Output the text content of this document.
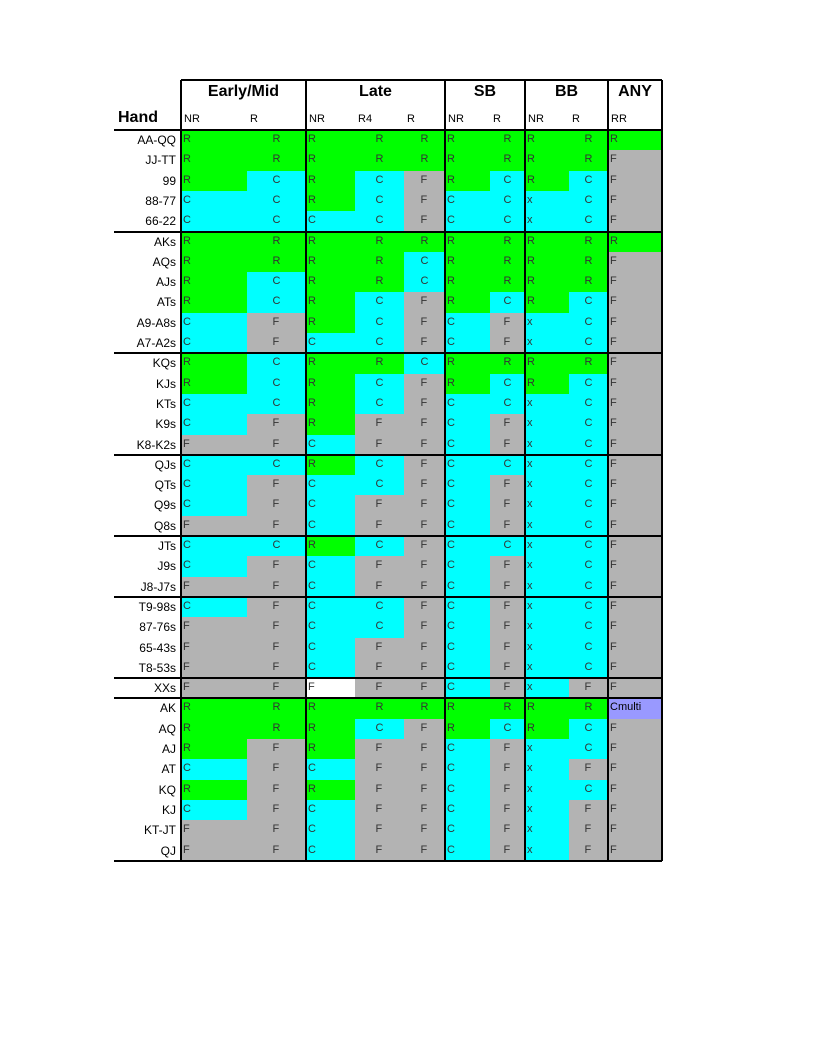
Early/Mid	Late	SB	BB	ANY
NR	R	NR	R4	R	NR	R	NR	R	RR
Hand
AA-QQ R	R	R	R	R	R	R	R	R	R
JJ-TT R	R	R	R	R	R	R	R	R	F
99 R	C	R	C	F	R	C	R	C	F
88-77 C	C	R	C	F	C	C	x	C	F
66-22 C	C	C	C	F	C	C	x	C	F
AKs R	R	R	R	R	R	R	R	R	R
AQs R	R	R	R	C	R	R	R	R	F
AJs R	C	R	R	C	R	R	R	R	F
ATs R	C	R	C	F	R	C	R	C	F
A9-A8s C	F	R	C	F	C	F	x	C	F
A7-A2s C	F	C	C	F	C	F	x	C	F
KQs R	C	R	R	C	R	R	R	R	F
KJs R	C	R	C	F	R	C	R	C	F
KTs C	C	R	C	F	C	C	x	C	F
K9s C	F	R	F	F	C	F	x	C	F
K8-K2s F	F	C	F	F	C	F	x	C	F
QJs C	C	R	C	F	C	C	x	C	F
QTs C	F	C	C	F	C	F	x	C	F
Q9s C	F	C	F	F	C	F	x	C	F
Q8s F	F	C	F	F	C	F	x	C	F
JTs C	C	R	C	F	C	C	x	C	F
J9s C	F	C	F	F	C	F	x	C	F
J8-J7s F	F	C	F	F	C	F	x	C	F
T9-98s C	F	C	C	F	C	F	x	C	F
87-76s F	F	C	C	F	C	F	x	C	F
65-43s F	F	C	F	F	C	F	x	C	F
T8-53s F	F	C	F	F	C	F	x	C	F
XXs F	F	F	F	F	C	F	x	F	F
AK R	R	R	R	R	R	R	R	R	Cmulti
AQ R	R	R	C	F	R	C	R	C	F
AJ R	F	R	F	F	C	F	x	C	F
AT C	F	C	F	F	C	F	x	F	F
KQ R	F	R	F	F	C	F	x	C	F
KJ C	F	C	F	F	C	F	x	F	F
KT-JT F	F	C	F	F	C	F	x	F	F
QJ F	F	C	F	F	C	F	x	F	F
